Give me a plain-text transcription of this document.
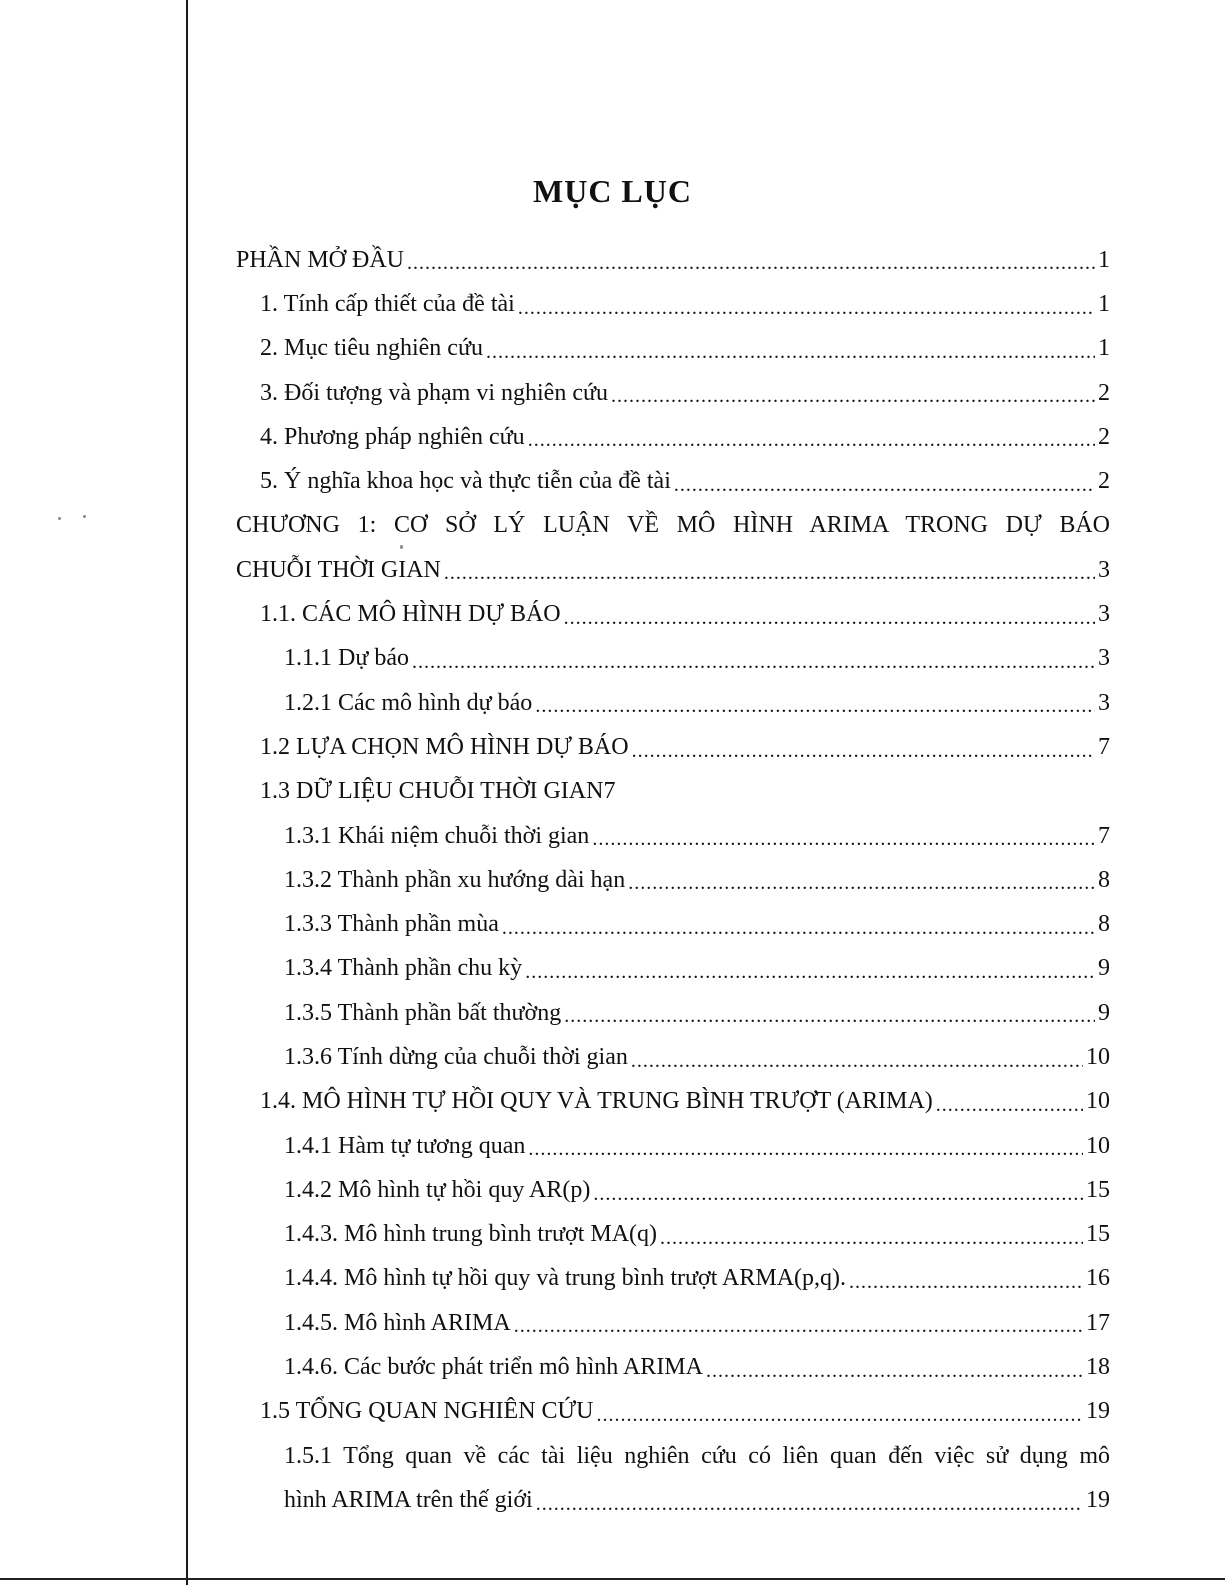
MỤC LỤC
PHẦN MỞ ĐẦU .....	1
1. Tính cấp thiết của đề tài .....	1
2. Mục tiêu nghiên cứu .....	1
3. Đối tượng và phạm vi nghiên cứu .....	2
4. Phương pháp nghiên cứu .....	2
5. Ý nghĩa khoa học và thực tiễn của đề tài .....	2
CHƯƠNG 1: CƠ SỞ LÝ LUẬN VỀ MÔ HÌNH ARIMA TRONG DỰ BÁO
CHUỖI THỜI GIAN .....	3
1.1. CÁC MÔ HÌNH DỰ BÁO .....	3
1.1.1 Dự báo .....	3
1.2.1 Các mô hình dự báo .....	3
1.2 LỰA CHỌN MÔ HÌNH DỰ BÁO .....	7
1.3 DỮ LIỆU CHUỖI THỜI GIAN7
1.3.1 Khái niệm chuỗi thời gian .....	7
1.3.2 Thành phần xu hướng dài hạn .....	8
1.3.3 Thành phần mùa .....	8
1.3.4 Thành phần chu kỳ .....	9
1.3.5 Thành phần bất thường .....	9
1.3.6 Tính dừng của chuỗi thời gian .....	10
1.4. MÔ HÌNH TỰ HỒI QUY VÀ TRUNG BÌNH TRƯỢT (ARIMA) .....	10
1.4.1 Hàm tự tương quan .....	10
1.4.2 Mô hình tự hồi quy AR(p) .....	15
1.4.3. Mô hình trung bình trượt MA(q) .....	15
1.4.4. Mô hình tự hồi quy và trung bình trượt ARMA(p,q). .....	16
1.4.5. Mô hình ARIMA .....	17
1.4.6. Các bước phát triển mô hình ARIMA .....	18
1.5 TỔNG QUAN NGHIÊN CỨU .....	19
1.5.1 Tổng quan về các tài liệu nghiên cứu có liên quan đến việc sử dụng mô
hình ARIMA trên thế giới .....	19
